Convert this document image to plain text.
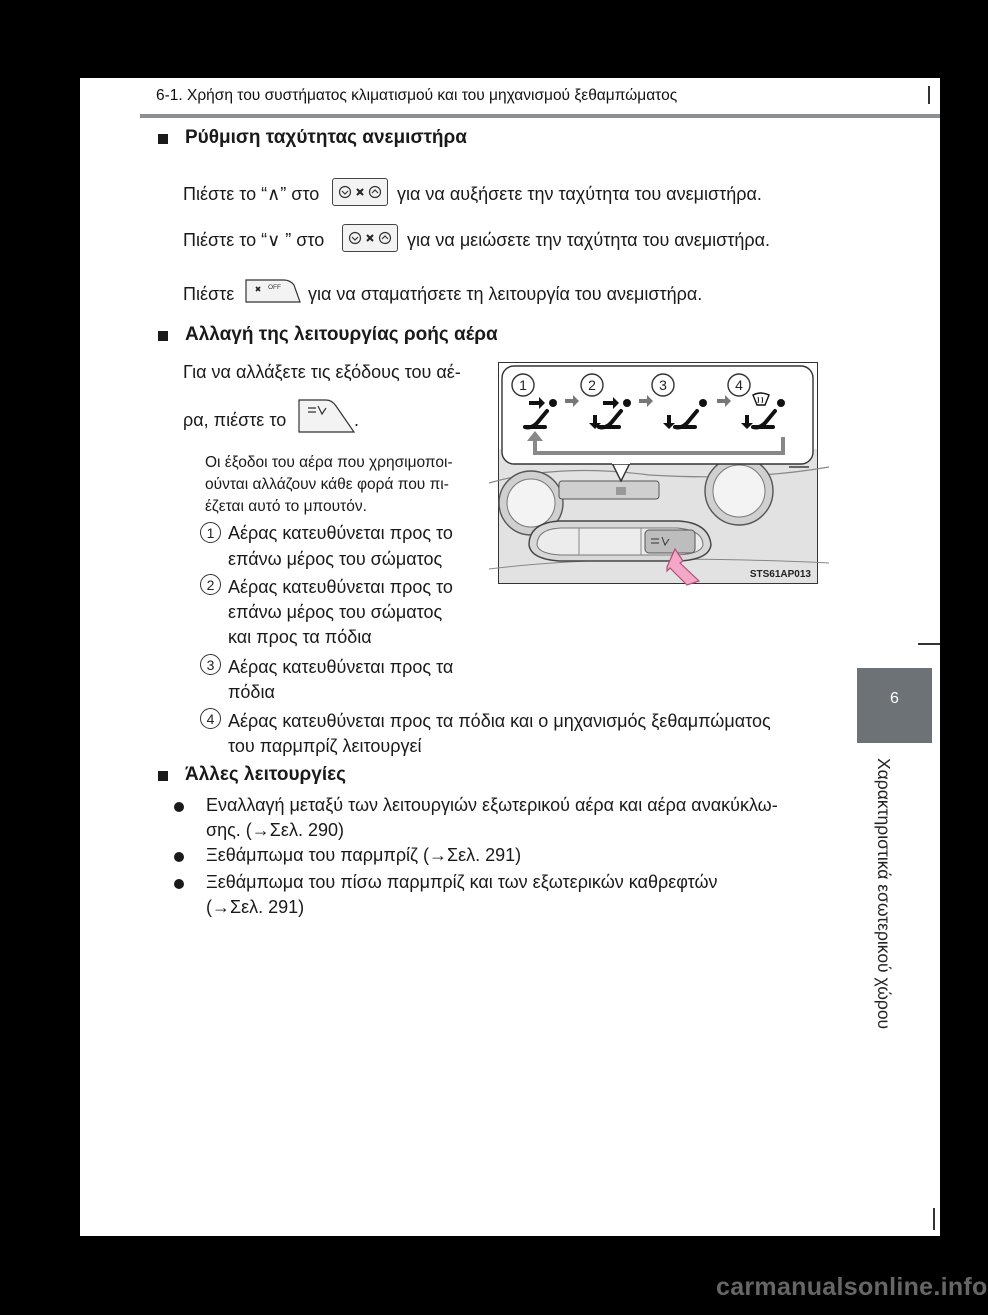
6-1. Χρήση του συστήματος κλιματισμού και του μηχανισμού ξεθαμπώματος
Ρύθμιση ταχύτητας ανεμιστήρα
Πιέστε το “∧” στο	για να αυξήσετε την ταχύτητα του ανεμιστήρα.
Πιέστε το “∨ ” στο	για να μειώσετε την ταχύτητα του ανεμιστήρα.
Πιέστε	OFF για να σταματήσετε τη λειτουργία του ανεμιστήρα.
Αλλαγή της λειτουργίας ροής αέρα
Για να αλλάξετε τις εξόδους του αέ-
ρα, πιέστε το	.
Οι έξοδοι του αέρα που χρησιμοποι-
ούνται αλλάζουν κάθε φορά που πι-
έζεται αυτό το μπουτόν.
1 Αέρας κατευθύνεται προς το
επάνω μέρος του σώματος
2 Αέρας κατευθύνεται προς το
επάνω μέρος του σώματος
και προς τα πόδια
3 Αέρας κατευθύνεται προς τα
πόδια
4 Αέρας κατευθύνεται προς τα πόδια και ο μηχανισμός ξεθαμπώματος
του παρμπρίζ λειτουργεί
1	2	3	4
STS61AP013
Άλλες λειτουργίες
Εναλλαγή μεταξύ των λειτουργιών εξωτερικού αέρα και αέρα ανακύκλω-
σης. (→Σελ. 290)
Ξεθάμπωμα του παρμπρίζ (→Σελ. 291)
Ξεθάμπωμα του πίσω παρμπρίζ και των εξωτερικών καθρεφτών
(→Σελ. 291)
6
Χαρακτηριστικά εσωτερικού χώρου
carmanualsonline.info
